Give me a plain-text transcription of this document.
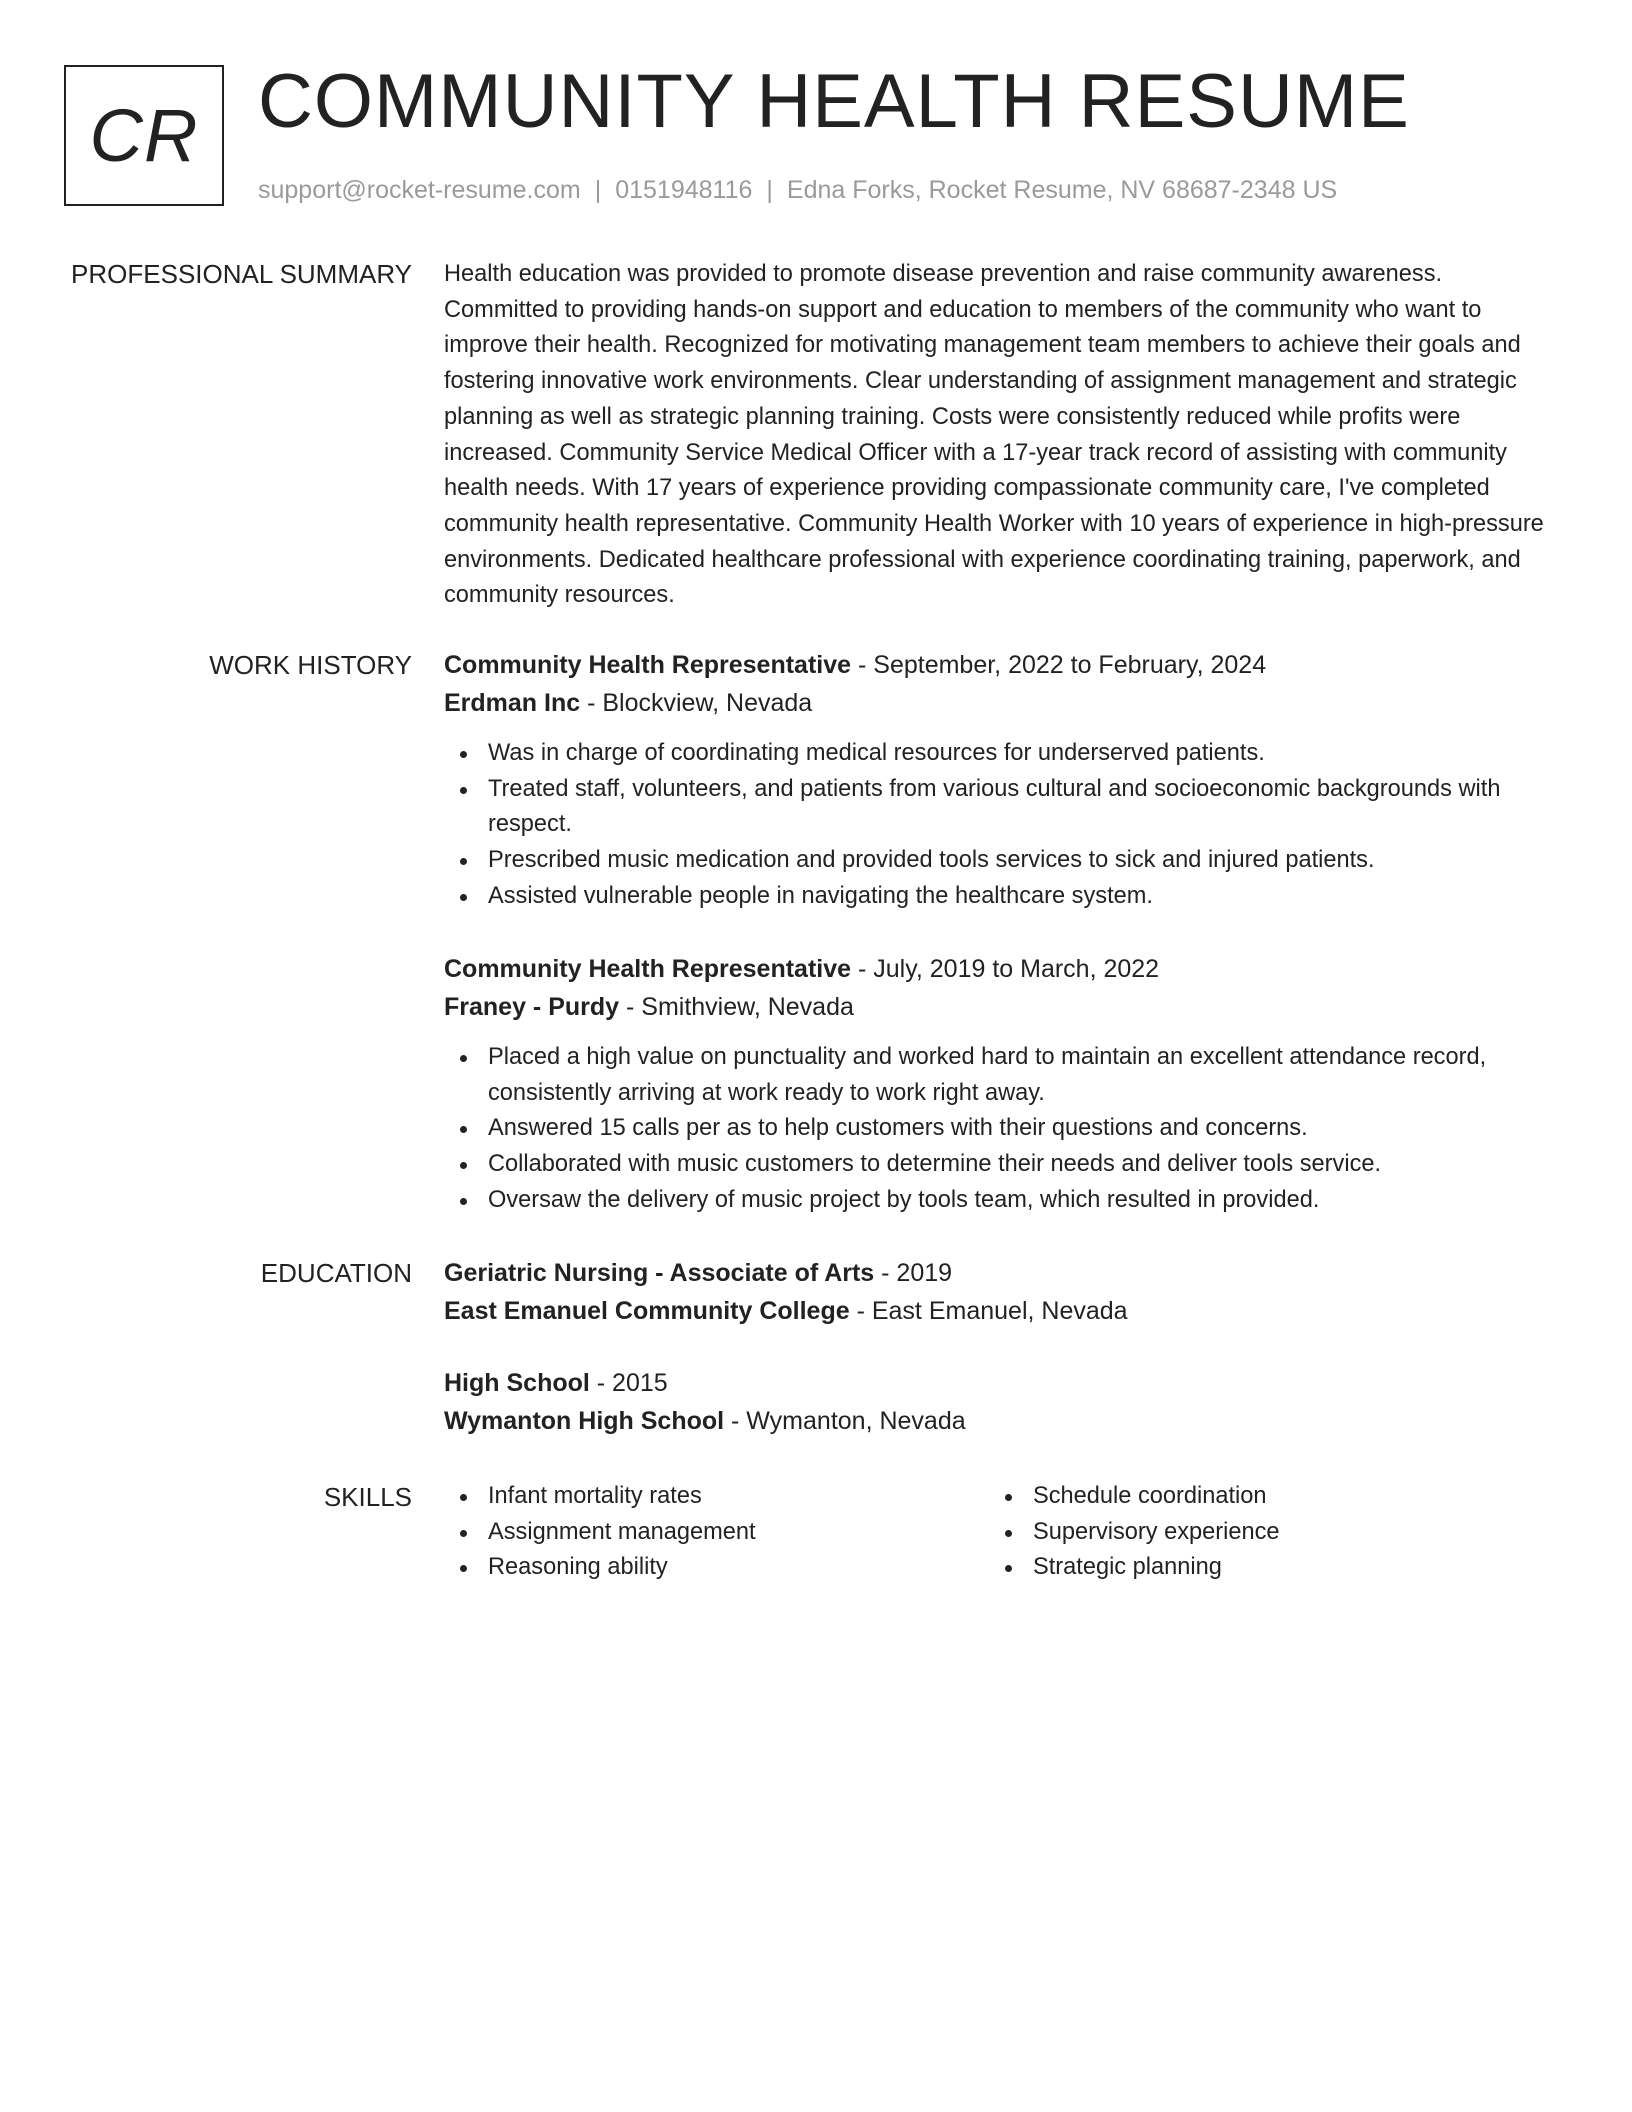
CR COMMUNITY HEALTH RESUME
support@rocket-resume.com | 0151948116 | Edna Forks, Rocket Resume, NV 68687-2348 US
PROFESSIONAL SUMMARY Health education was provided to promote disease prevention and raise community awareness. Committed to providing hands-on support and education to members of the community who want to improve their health. Recognized for motivating management team members to achieve their goals and fostering innovative work environments. Clear understanding of assignment management and strategic planning as well as strategic planning training. Costs were consistently reduced while profits were increased. Community Service Medical Officer with a 17-year track record of assisting with community health needs. With 17 years of experience providing compassionate community care, I've completed community health representative. Community Health Worker with 10 years of experience in high-pressure environments. Dedicated healthcare professional with experience coordinating training, paperwork, and community resources.

WORK HISTORY Community Health Representative - September, 2022 to February, 2024
Erdman Inc - Blockview, Nevada
Was in charge of coordinating medical resources for underserved patients.
Treated staff, volunteers, and patients from various cultural and socioeconomic backgrounds with respect.
Prescribed music medication and provided tools services to sick and injured patients.
Assisted vulnerable people in navigating the healthcare system.
Community Health Representative - July, 2019 to March, 2022
Franey - Purdy - Smithview, Nevada
Placed a high value on punctuality and worked hard to maintain an excellent attendance record, consistently arriving at work ready to work right away.
Answered 15 calls per as to help customers with their questions and concerns.
Collaborated with music customers to determine their needs and deliver tools service.
Oversaw the delivery of music project by tools team, which resulted in provided.
EDUCATION Geriatric Nursing - Associate of Arts - 2019
East Emanuel Community College - East Emanuel, Nevada
High School - 2015
Wymanton High School - Wymanton, Nevada
SKILLS	Infant mortality rates
Assignment management
Reasoning ability
Schedule coordination
Supervisory experience
Strategic planning
